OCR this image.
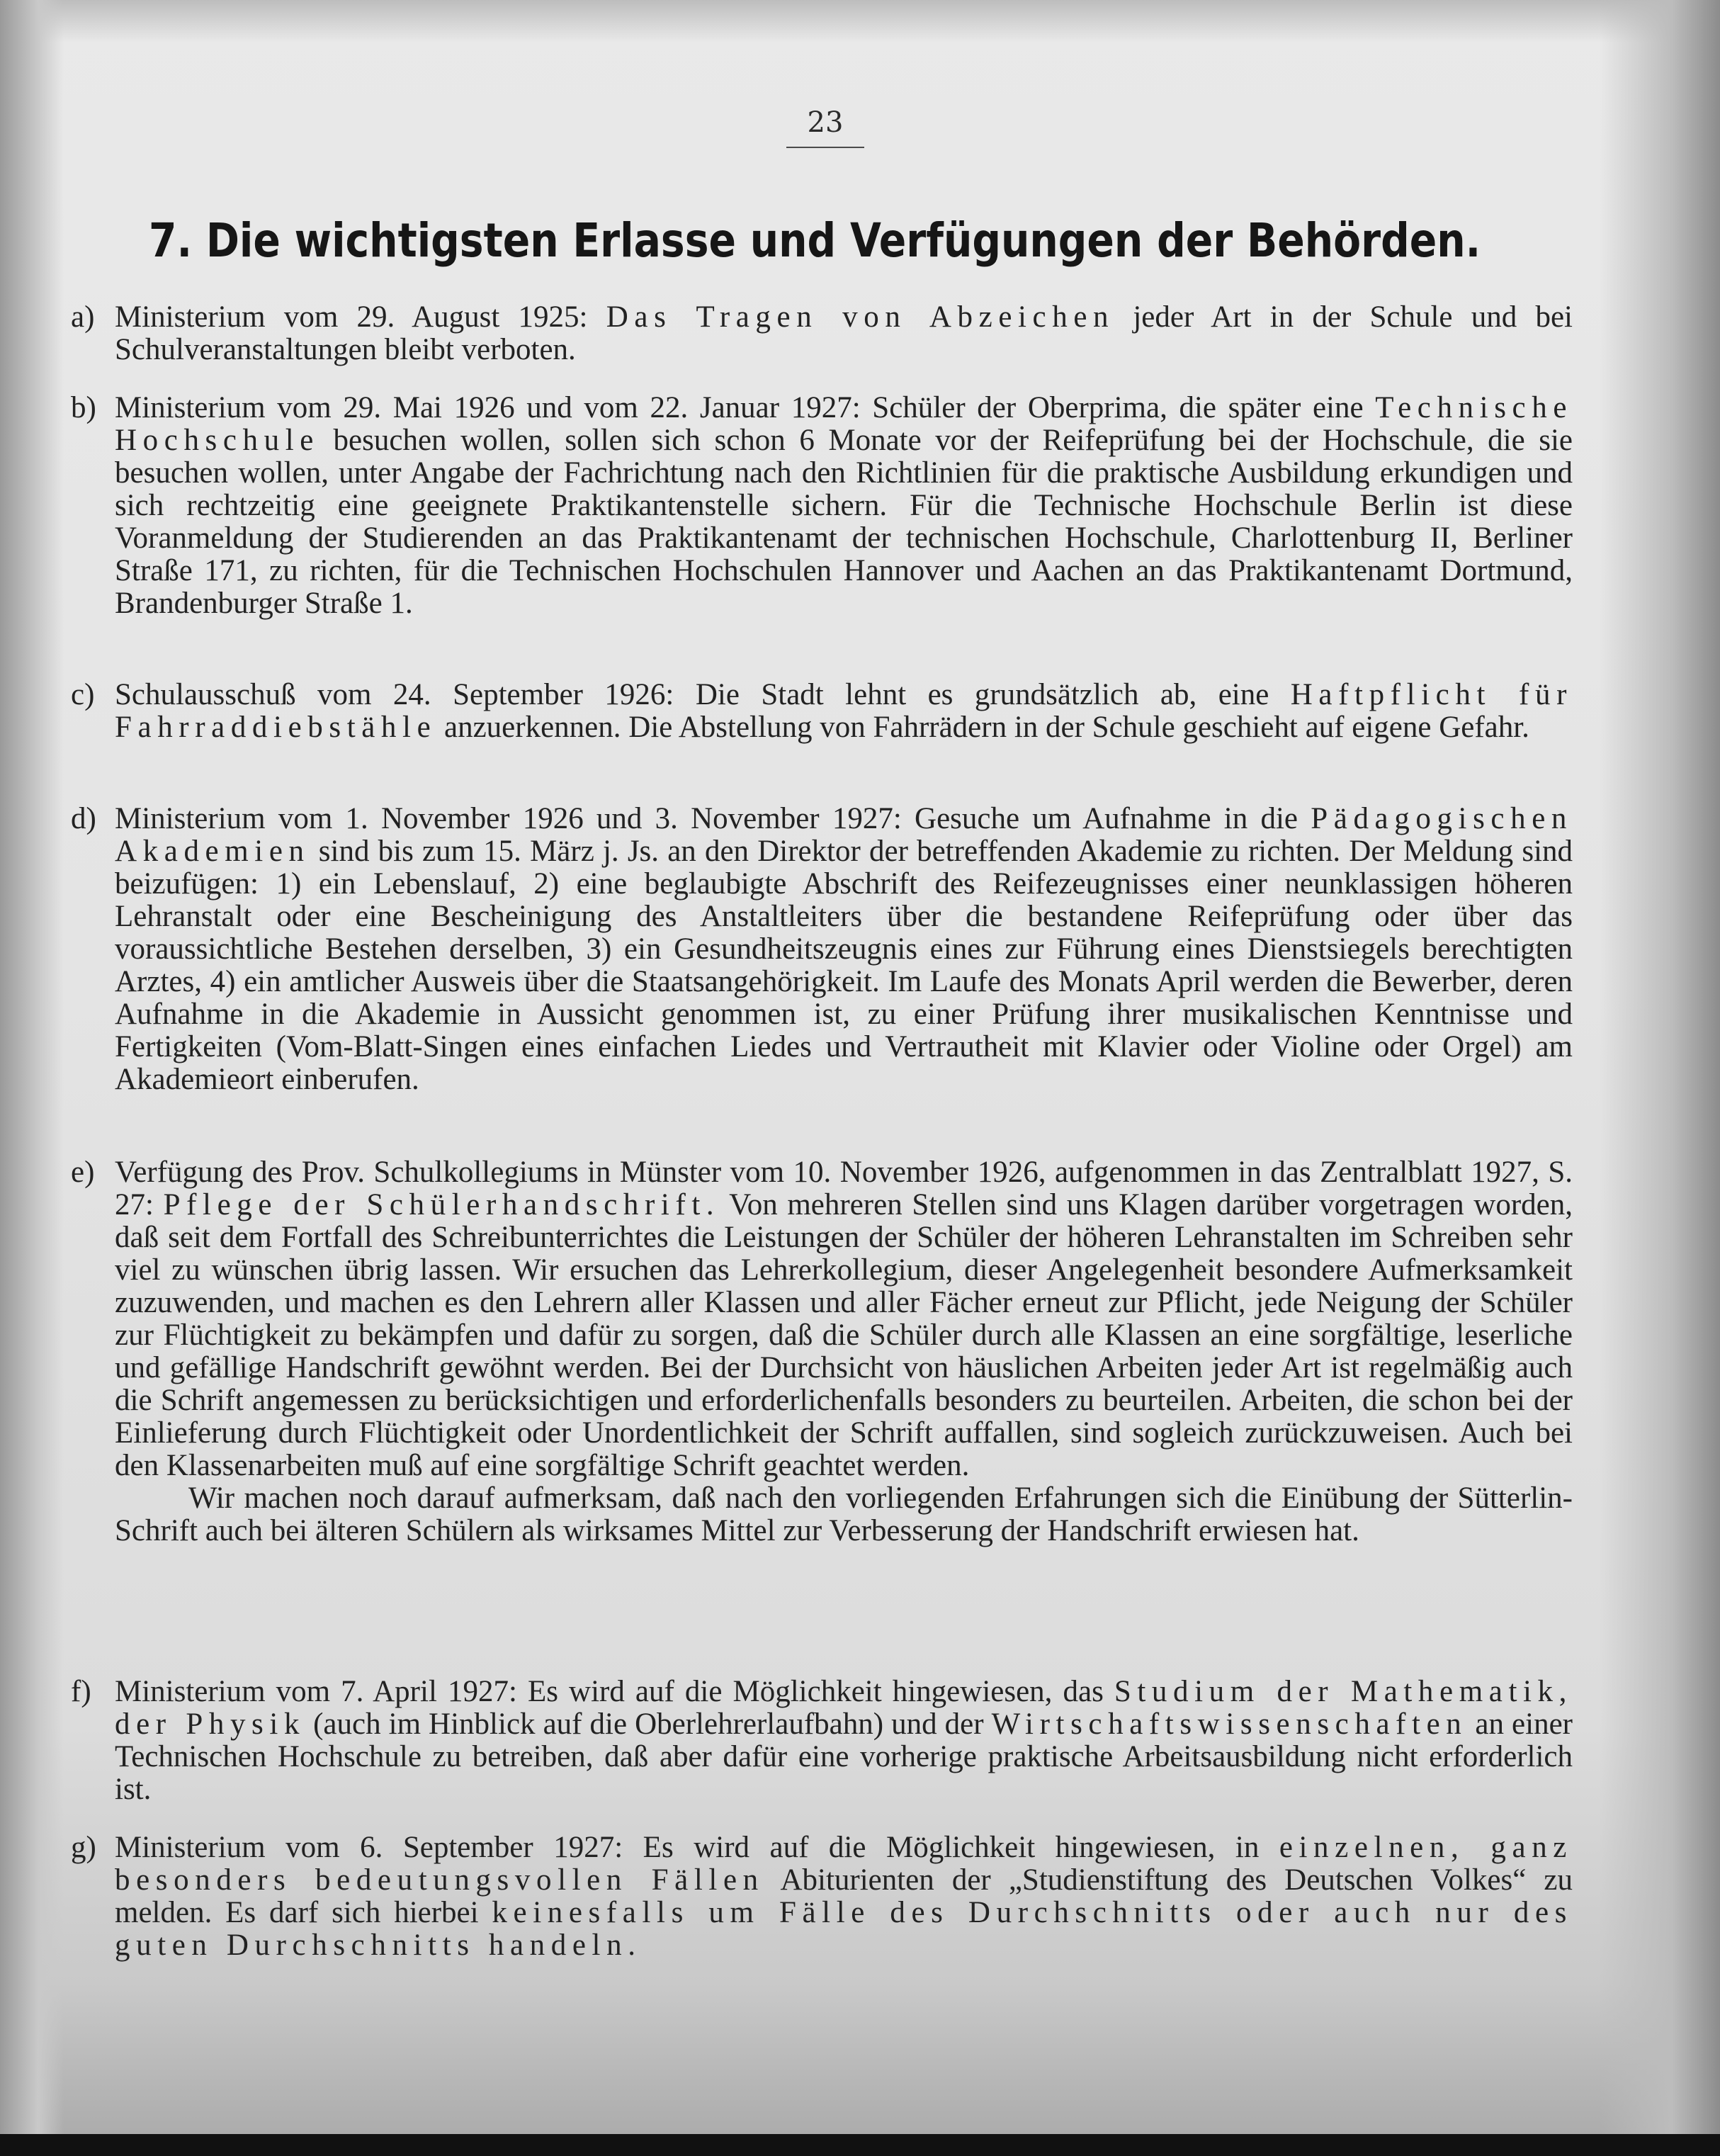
23
7. Die wichtigsten Erlasse und Verfügungen der Behörden.
a) Ministerium vom 29. August 1925: Das Tragen von Abzeichen jeder Art in der Schule und bei Schulveranstaltungen bleibt verboten.

b) Ministerium vom 29. Mai 1926 und vom 22. Januar 1927: Schüler der Oberprima, die später eine Technische Hochschule besuchen wollen, sollen sich schon 6 Monate vor der Reifeprüfung bei der Hochschule, die sie besuchen wollen, unter Angabe der Fachrichtung nach den Richtlinien für die praktische Ausbildung erkundigen und sich rechtzeitig eine geeignete Praktikantenstelle sichern. Für die Technische Hochschule Berlin ist diese Voranmeldung der Studierenden an das Praktikantenamt der technischen Hochschule, Charlottenburg II, Berliner Straße 171, zu richten, für die Technischen Hochschulen Hannover und Aachen an das Praktikantenamt Dortmund, Brandenburger Straße 1.

c) Schulausschuß vom 24. September 1926: Die Stadt lehnt es grundsätzlich ab, eine Haftpflicht für Fahrraddiebstähle anzuerkennen. Die Abstellung von Fahrrädern in der Schule geschieht auf eigene Gefahr.

d) Ministerium vom 1. November 1926 und 3. November 1927: Gesuche um Aufnahme in die Pädagogischen Akademien sind bis zum 15. März j. Js. an den Direktor der betreffenden Akademie zu richten. Der Meldung sind beizufügen: 1) ein Lebenslauf, 2) eine beglaubigte Abschrift des Reifezeugnisses einer neunklassigen höheren Lehranstalt oder eine Bescheinigung des Anstaltleiters über die bestandene Reifeprüfung oder über das voraussichtliche Bestehen derselben, 3) ein Gesundheitszeugnis eines zur Führung eines Dienstsiegels berechtigten Arztes, 4) ein amtlicher Ausweis über die Staatsangehörigkeit. Im Laufe des Monats April werden die Bewerber, deren Aufnahme in die Akademie in Aussicht genommen ist, zu einer Prüfung ihrer musikalischen Kenntnisse und Fertigkeiten (Vom-Blatt-Singen eines einfachen Liedes und Vertrautheit mit Klavier oder Violine oder Orgel) am Akademieort einberufen.

e) Verfügung des Prov. Schulkollegiums in Münster vom 10. November 1926, aufgenommen in das Zentralblatt 1927, S. 27: Pflege der Schülerhandschrift. Von mehreren Stellen sind uns Klagen darüber vorgetragen worden, daß seit dem Fortfall des Schreibunterrichtes die Leistungen der Schüler der höheren Lehranstalten im Schreiben sehr viel zu wünschen übrig lassen. Wir ersuchen das Lehrerkollegium, dieser Angelegenheit besondere Aufmerksamkeit zuzuwenden, und machen es den Lehrern aller Klassen und aller Fächer erneut zur Pflicht, jede Neigung der Schüler zur Flüchtigkeit zu bekämpfen und dafür zu sorgen, daß die Schüler durch alle Klassen an eine sorgfältige, leserliche und gefällige Handschrift gewöhnt werden. Bei der Durchsicht von häuslichen Arbeiten jeder Art ist regelmäßig auch die Schrift angemessen zu berücksichtigen und erforderlichenfalls besonders zu beurteilen. Arbeiten, die schon bei der Einlieferung durch Flüchtigkeit oder Unordentlichkeit der Schrift auffallen, sind sogleich zurückzuweisen. Auch bei den Klassenarbeiten muß auf eine sorgfältige Schrift geachtet werden.

Wir machen noch darauf aufmerksam, daß nach den vorliegenden Erfahrungen sich die Einübung der Sütterlin-Schrift auch bei älteren Schülern als wirksames Mittel zur Verbesserung der Handschrift erwiesen hat.

f) Ministerium vom 7. April 1927: Es wird auf die Möglichkeit hingewiesen, das Studium der Mathematik, der Physik (auch im Hinblick auf die Oberlehrerlaufbahn) und der Wirtschaftswissenschaften an einer Technischen Hochschule zu betreiben, daß aber dafür eine vorherige praktische Arbeitsausbildung nicht erforderlich ist.

g) Ministerium vom 6. September 1927: Es wird auf die Möglichkeit hingewiesen, in einzelnen, ganz besonders bedeutungsvollen Fällen Abiturienten der „Studienstiftung des Deutschen Volkes“ zu melden. Es darf sich hierbei keinesfalls um Fälle des Durchschnitts oder auch nur des guten Durchschnitts handeln.
